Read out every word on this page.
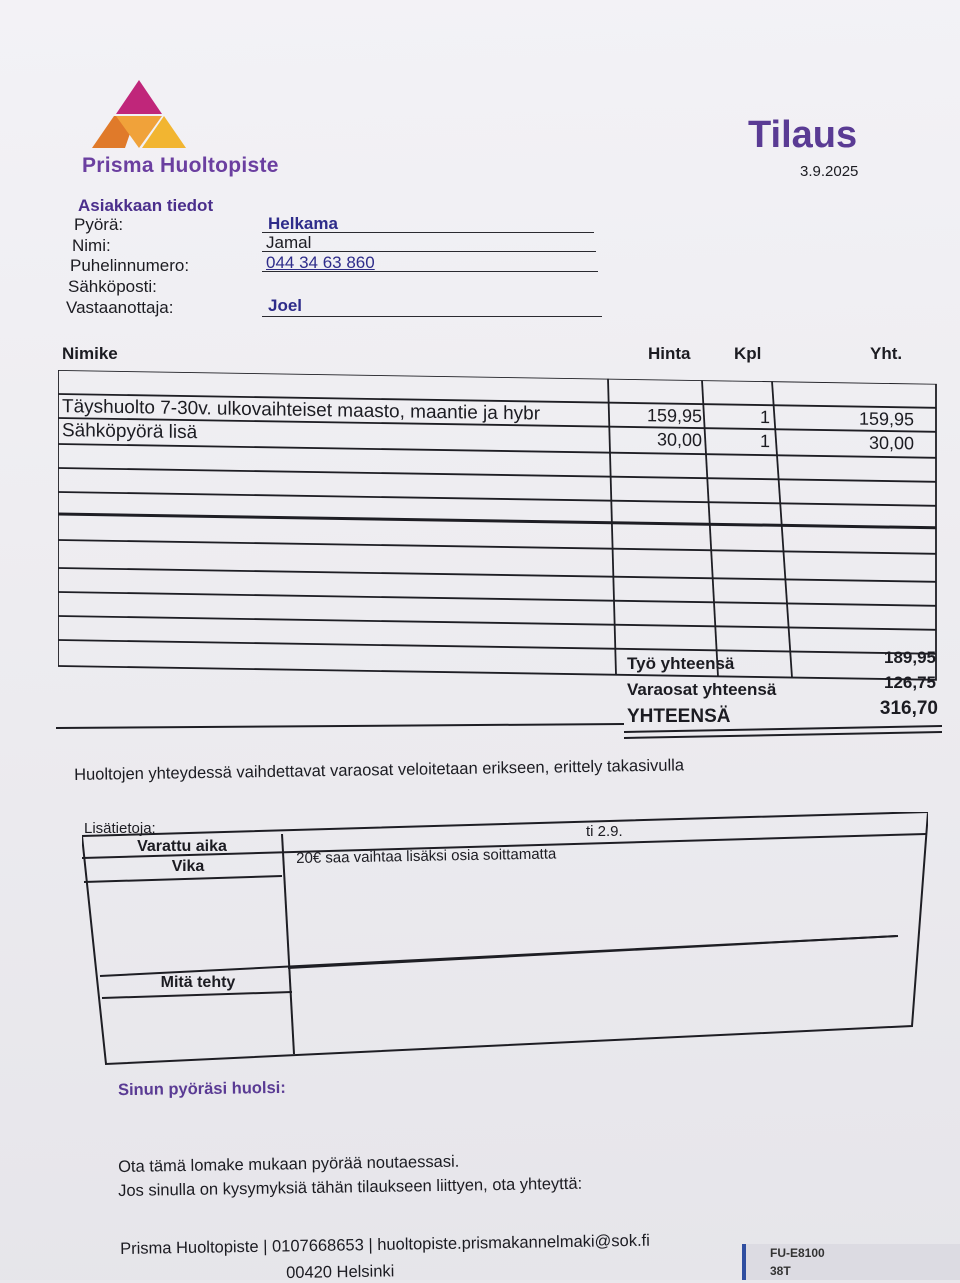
Prisma Huoltopiste
Tilaus
3.9.2025
Asiakkaan tiedot
Pyörä:	Helkama
Nimi:	Jamal
Puhelinnumero:	044 34 63 860
Sähköposti:
Vastaanottaja:	Joel
Nimike	Hinta	Kpl	Yht.
Täyshuolto 7-30v. ulkovaihteiset maasto, maantie ja hybr	159,95	1	159,95
Sähköpyörä lisä	30,00	1	30,00
Työ yhteensä	189,95
Varaosat yhteensä	126,75
YHTEENSÄ	316,70
Huoltojen yhteydessä vaihdettavat varaosat veloitetaan erikseen, erittely takasivulla
Lisätietoja:
Varattu aika
ti 2.9.
Vika	20€ saa vaihtaa lisäksi osia soittamatta
Mitä tehty
Sinun pyöräsi huolsi:
Ota tämä lomake mukaan pyörää noutaessasi.
Jos sinulla on kysymyksiä tähän tilaukseen liittyen, ota yhteyttä:
Prisma Huoltopiste | 0107668653 | huoltopiste.prismakannelmaki@sok.fi
00420 Helsinki
FU-E8100
38T
